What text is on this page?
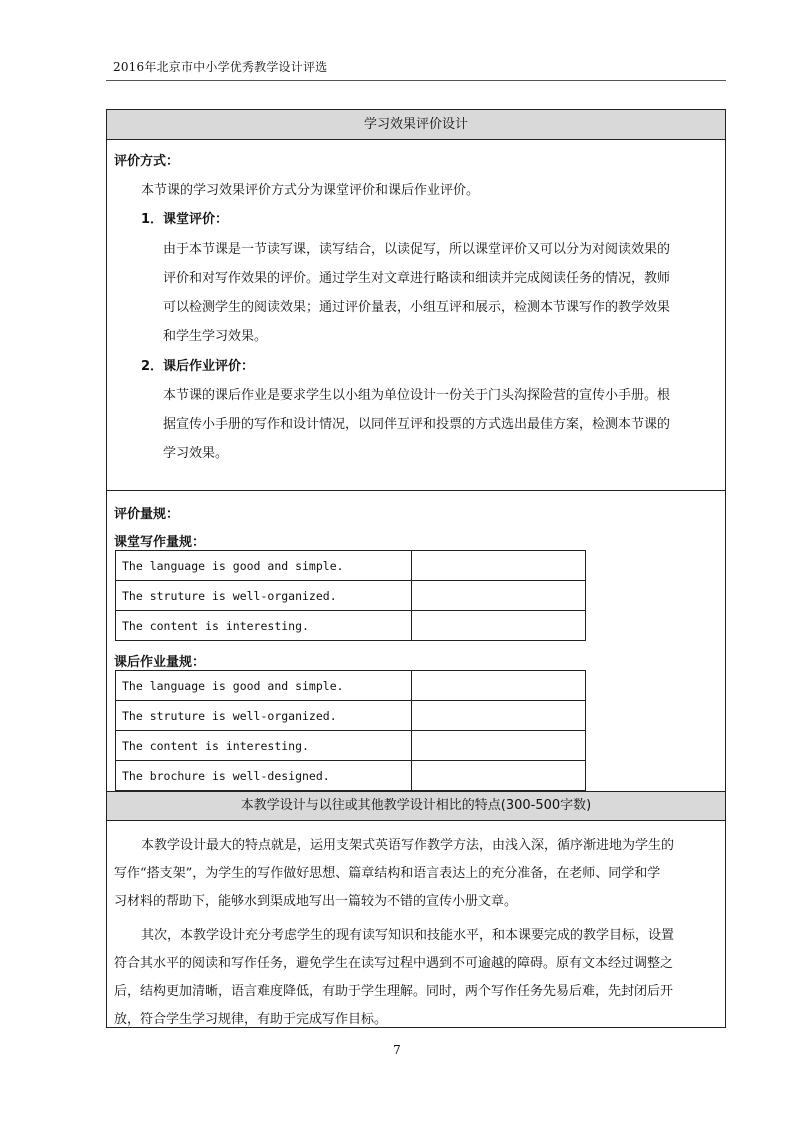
2016年北京市中小学优秀教学设计评选
学习效果评价设计
评价方式：
本节课的学习效果评价方式分为课堂评价和课后作业评价。
1．课堂评价：
由于本节课是一节读写课，读写结合，以读促写，所以课堂评价又可以分为对阅读效果的
评价和对写作效果的评价。通过学生对文章进行略读和细读并完成阅读任务的情况，教师
可以检测学生的阅读效果；通过评价量表，小组互评和展示，检测本节课写作的教学效果
和学生学习效果。
2．课后作业评价：
本节课的课后作业是要求学生以小组为单位设计一份关于门头沟探险营的宣传小手册。根
据宣传小手册的写作和设计情况，以同伴互评和投票的方式选出最佳方案，检测本节课的
学习效果。
评价量规：
课堂写作量规：
The language is good and simple.	
The struture is well-organized.	
The content is interesting.	
课后作业量规：
The language is good and simple.	
The struture is well-organized.	
The content is interesting.	
The brochure is well-designed.	
本教学设计与以往或其他教学设计相比的特点(300-500字数)
本教学设计最大的特点就是，运用支架式英语写作教学方法，由浅入深，循序渐进地为学生的
写作“搭支架”，为学生的写作做好思想、篇章结构和语言表达上的充分准备，在老师、同学和学
习材料的帮助下，能够水到渠成地写出一篇较为不错的宣传小册文章。
其次，本教学设计充分考虑学生的现有读写知识和技能水平，和本课要完成的教学目标，设置
符合其水平的阅读和写作任务，避免学生在读写过程中遇到不可逾越的障碍。原有文本经过调整之
后，结构更加清晰，语言难度降低，有助于学生理解。同时，两个写作任务先易后难，先封闭后开
放，符合学生学习规律，有助于完成写作目标。
7
